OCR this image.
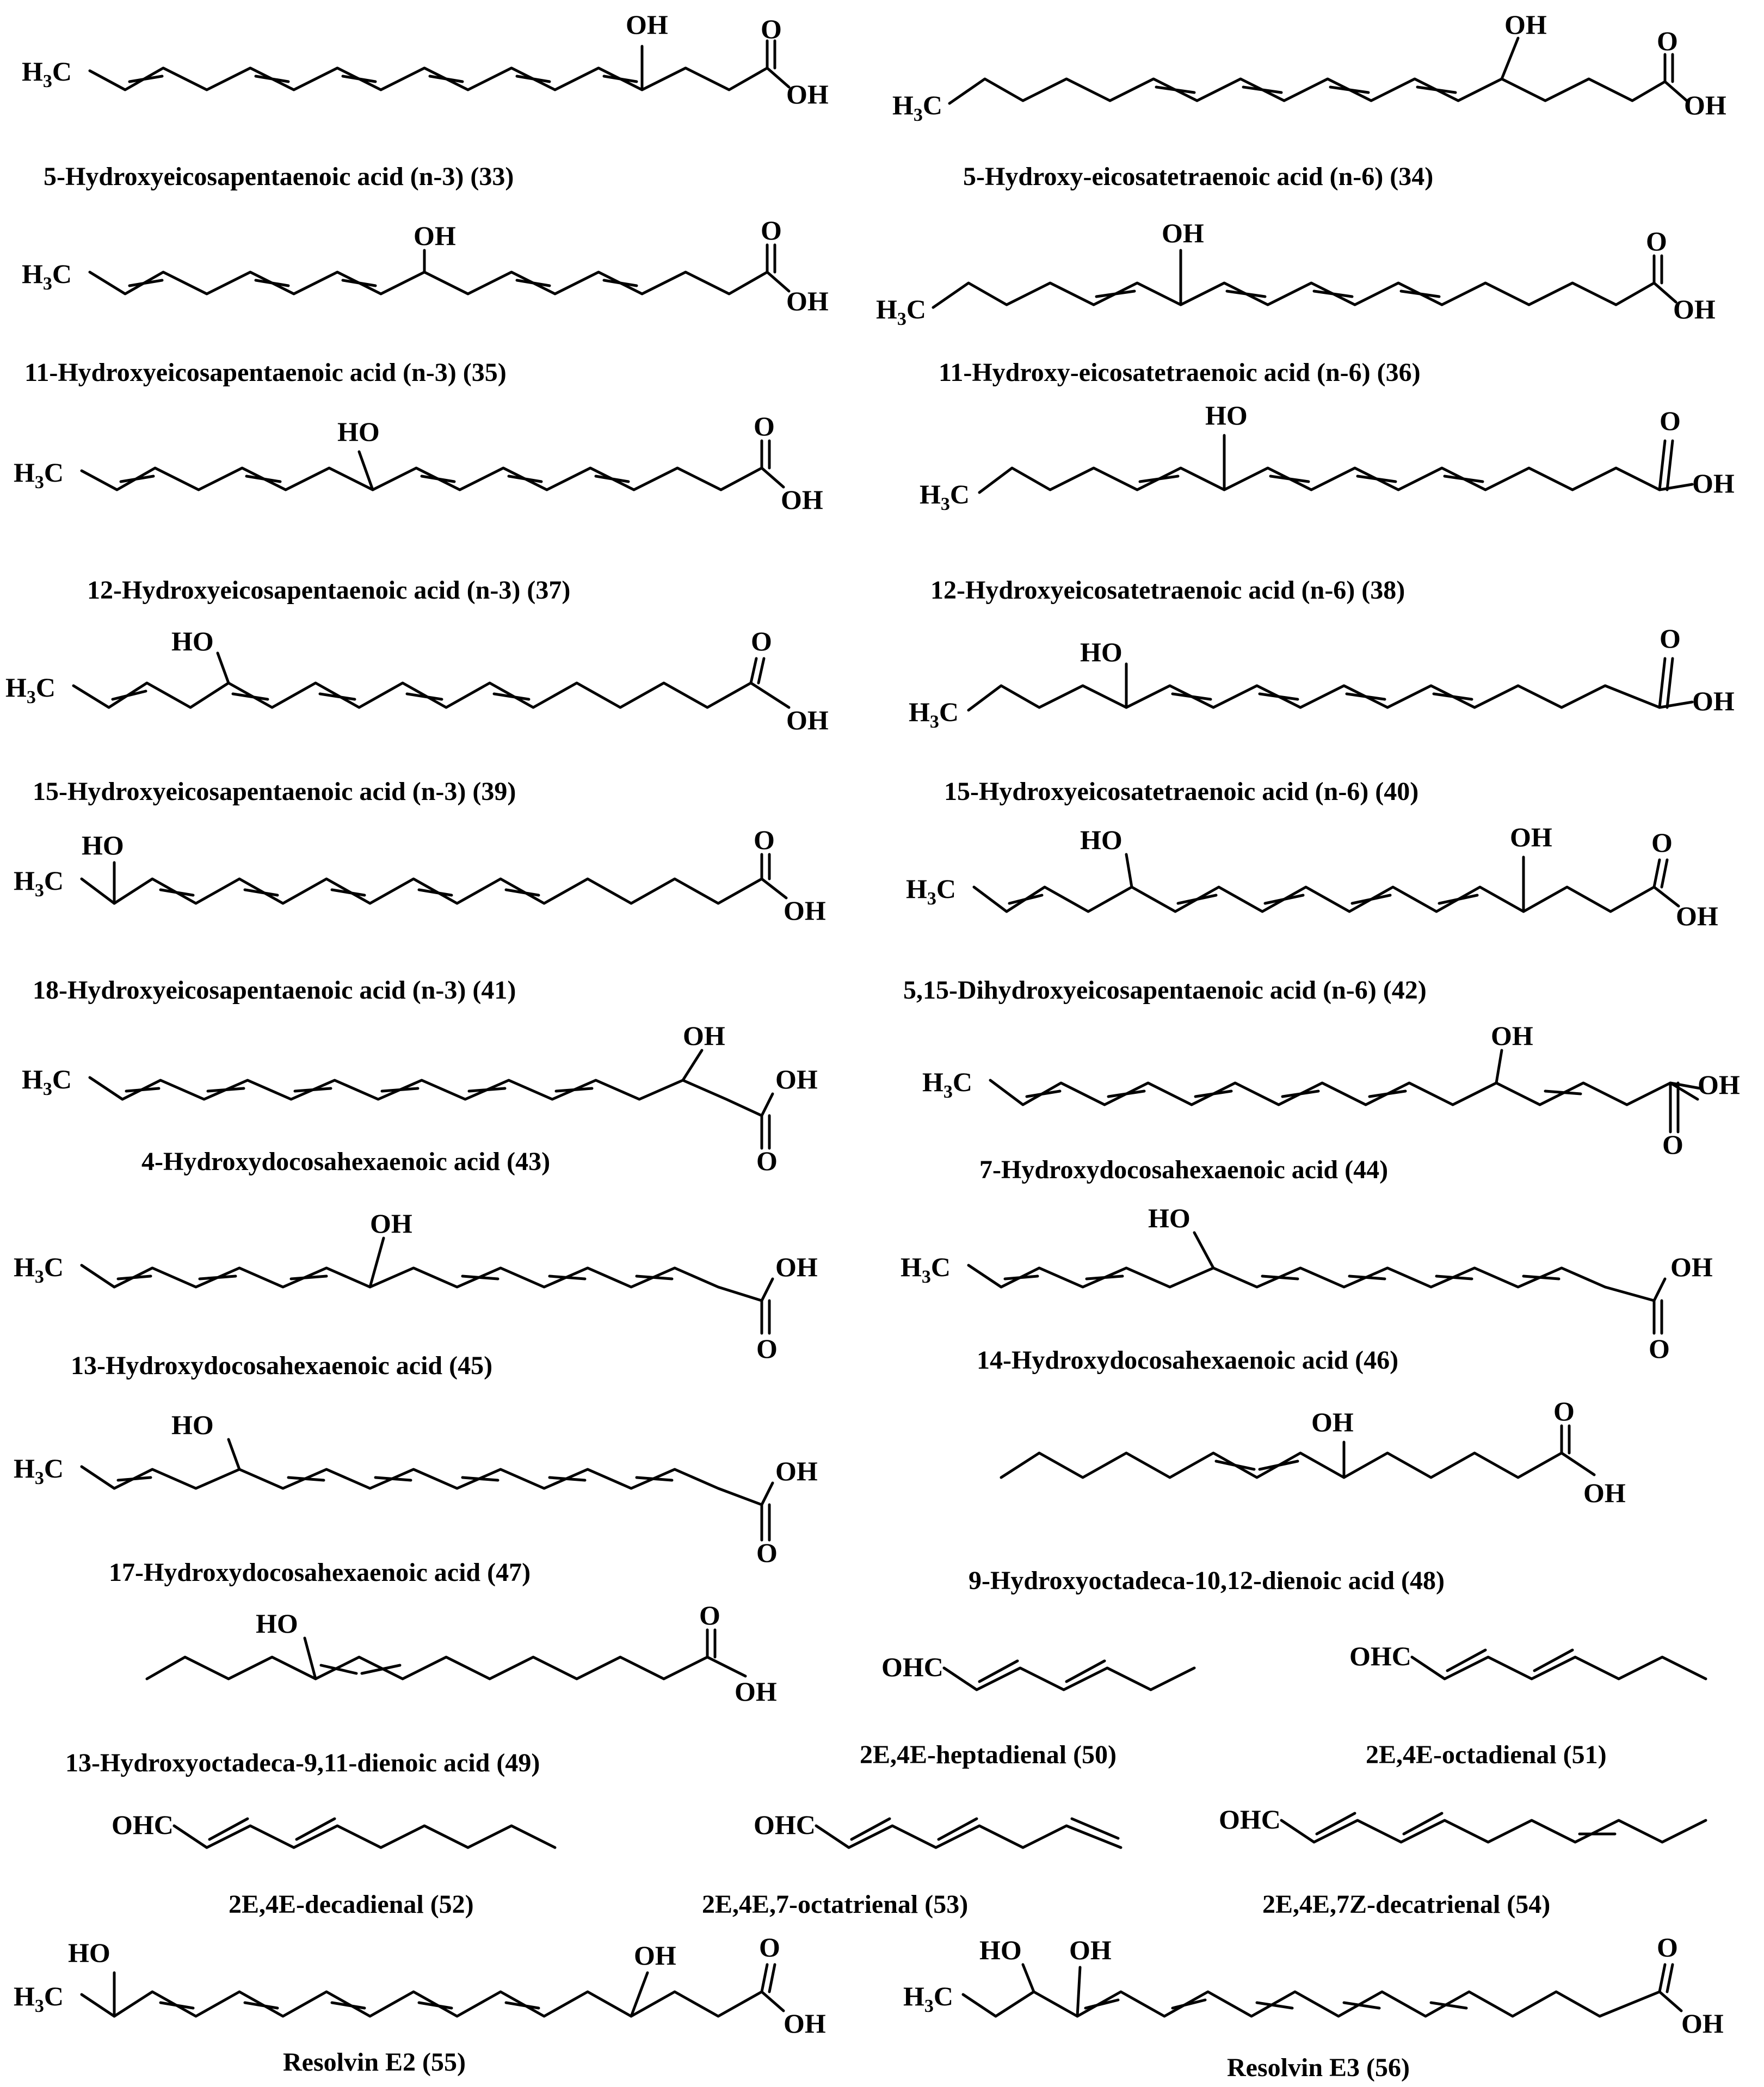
$H_3C$
OH	O
OH
5-Hydroxyeicosapentaenoic acid (n-3) (33)
$H_3C$
OH
O
OH
5-Hydroxy-eicosatetraenoic acid (n-6) (34)
$H_3C$
OH	O
OH
11-Hydroxyeicosapentaenoic acid (n-3) (35)
$H_3C$
OH	O
OH
11-Hydroxy-eicosatetraenoic acid (n-6) (36)
$H_3C$
HO	O
OH
12-Hydroxyeicosapentaenoic acid (n-3) (37)
$H_3C$
HO	O
OH
12-Hydroxyeicosatetraenoic acid (n-6) (38)
$H_3C$
HO	O
OH
15-Hydroxyeicosapentaenoic acid (n-3) (39)
$H_3C$
HO	O
OH
15-Hydroxyeicosatetraenoic acid (n-6) (40)
$H_3C$
HO	O
OH
18-Hydroxyeicosapentaenoic acid (n-3) (41)
$H_3C$
HO	OH	O
OH
5,15-Dihydroxyeicosapentaenoic acid (n-6) (42)
$H_3C$
OH
O
OH
4-Hydroxydocosahexaenoic acid (43)
$H_3C$
OH
O
OH
7-Hydroxydocosahexaenoic acid (44)
$H_3C$
OH
O
OH
13-Hydroxydocosahexaenoic acid (45)
$H_3C$
HO
O
OH
14-Hydroxydocosahexaenoic acid (46)
$H_3C$
HO
O
OH
17-Hydroxydocosahexaenoic acid (47)
OH	O
OH
9-Hydroxyoctadeca-10,12-dienoic acid (48)
HO	O
OH
13-Hydroxyoctadeca-9,11-dienoic acid (49)
OHC
2E,4E-heptadienal (50)
OHC
2E,4E-octadienal (51)
OHC
2E,4E-decadienal (52)
OHC
2E,4E,7-octatrienal (53)
OHC
2E,4E,7Z-decatrienal (54)
$H_3C$
HO	OH	O
OH
Resolvin E2 (55)
$H_3C$
HO OH	O
OH
Resolvin E3 (56)
